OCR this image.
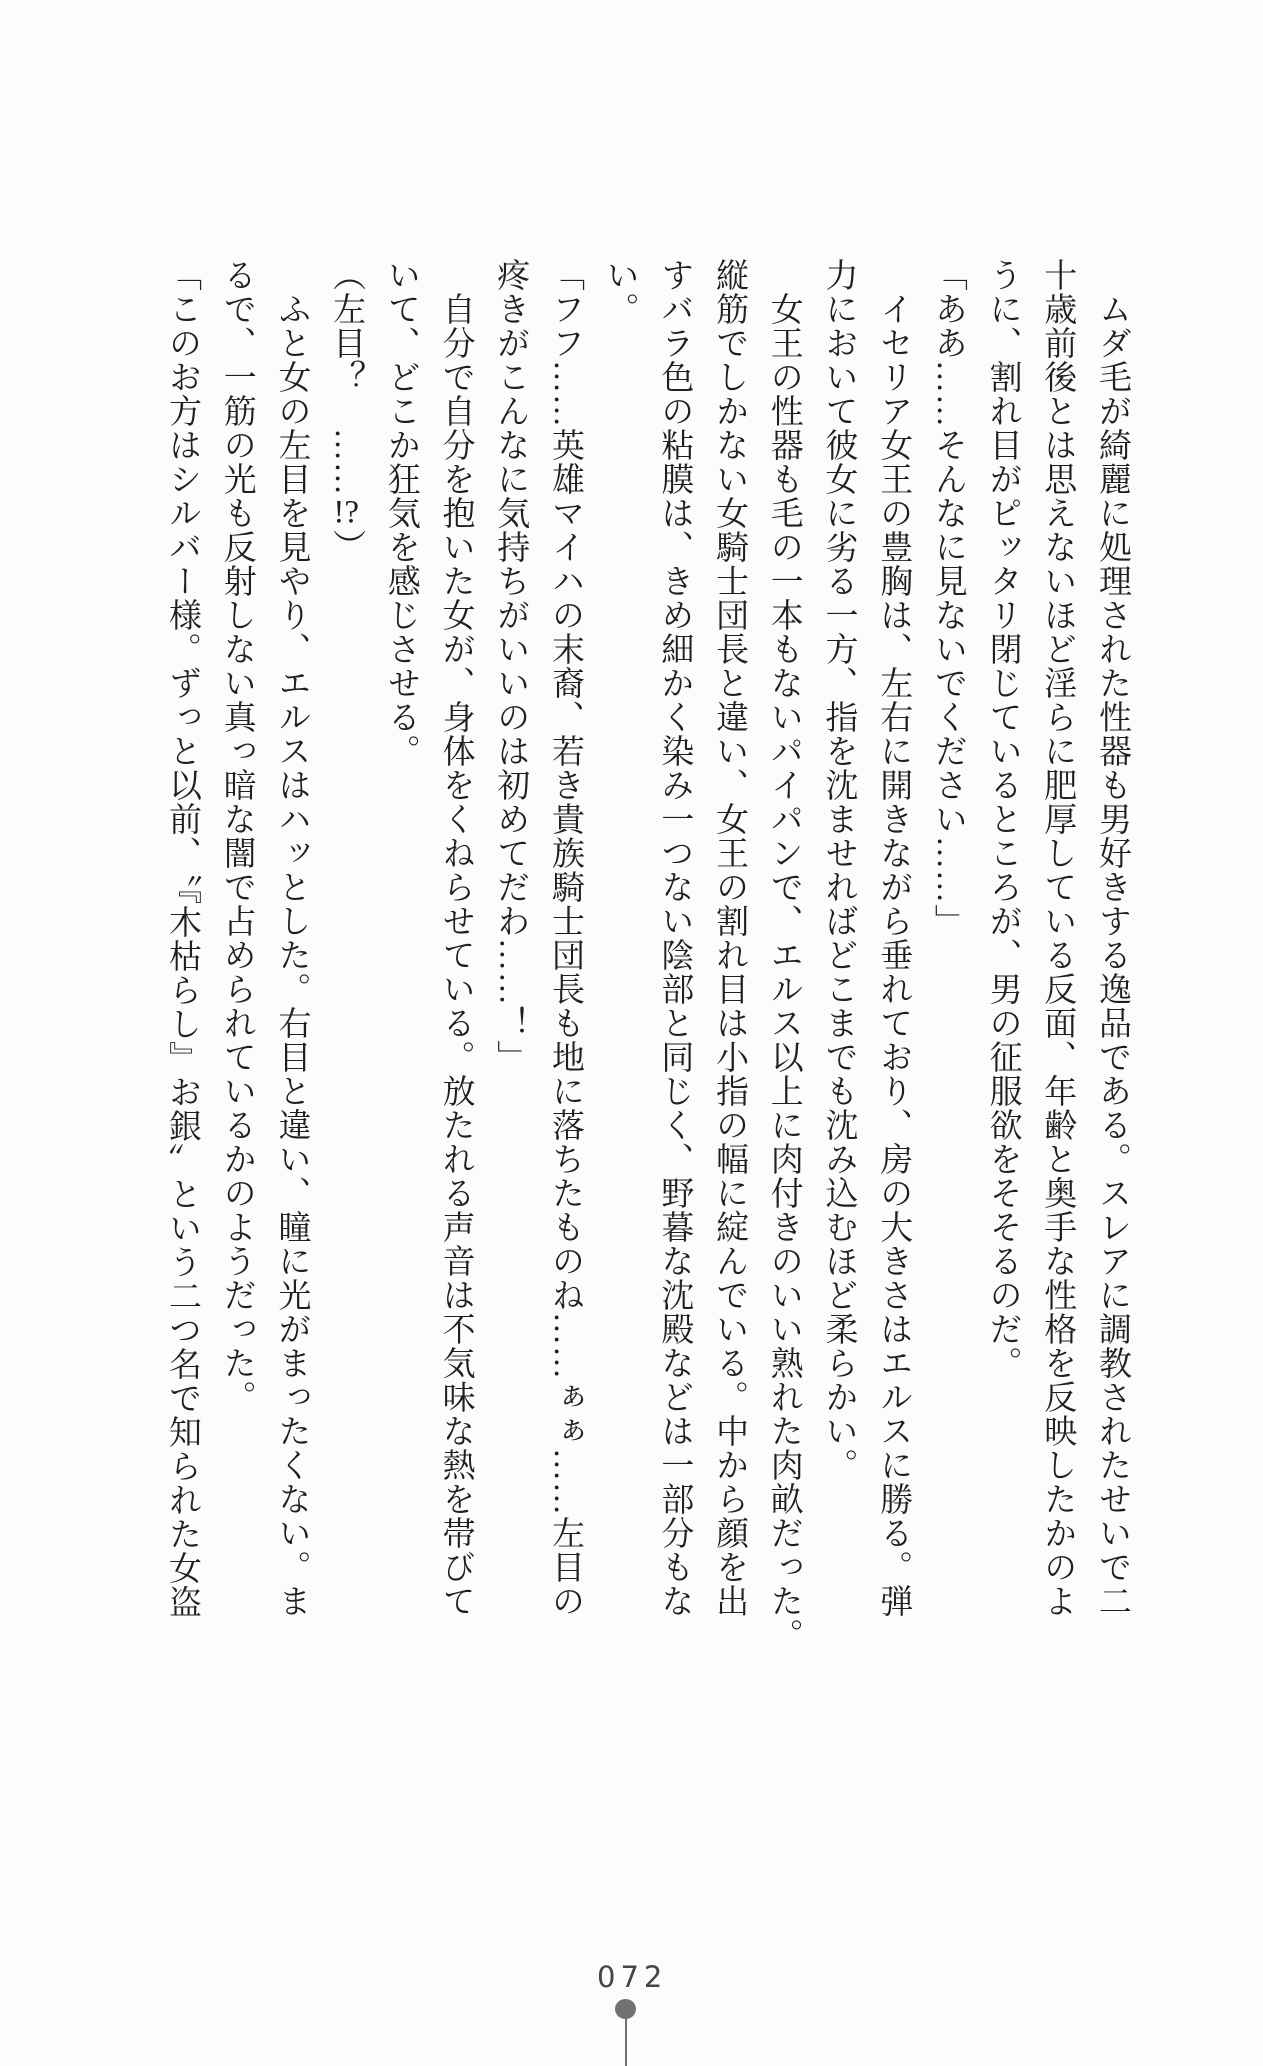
　ムダ毛が綺麗に処理された性器も男好きする逸品である。スレアに調教されたせいで二
十歳前後とは思えないほど淫らに肥厚している反面、年齢と奥手な性格を反映したかのよ
うに、割れ目がピッタリ閉じているところが、男の征服欲をそそるのだ。
「ああ……そんなに見ないでください……」
　イセリア女王の豊胸は、左右に開きながら垂れており、房の大きさはエルスに勝る。弾
力において彼女に劣る一方、指を沈ませればどこまでも沈み込むほど柔らかい。
　女王の性器も毛の一本もないパイパンで、エルス以上に肉付きのいい熟れた肉畝だった。
縦筋でしかない女騎士団長と違い、女王の割れ目は小指の幅に綻んでいる。中から顔を出
すバラ色の粘膜は、きめ細かく染み一つない陰部と同じく、野暮な沈殿などは一部分もな
い。
「フフ……英雄マイハの末裔、若き貴族騎士団長も地に落ちたものね……ぁぁ……左目の
疼きがこんなに気持ちがいいのは初めてだわ……！」
　自分で自分を抱いた女が、身体をくねらせている。放たれる声音は不気味な熱を帯びて
いて、どこか狂気を感じさせる。
（左目？　……!?）
　ふと女の左目を見やり、エルスはハッとした。右目と違い、瞳に光がまったくない。ま
るで、一筋の光も反射しない真っ暗な闇で占められているかのようだった。
「このお方はシルバー様。ずっと以前、〝『木枯らし』お銀〟という二つ名で知られた女盗
072
